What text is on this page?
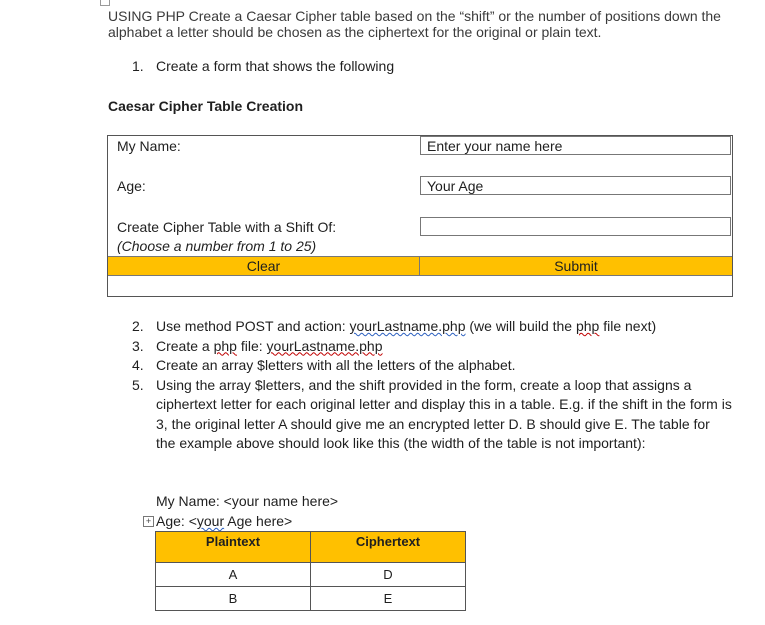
USING PHP Create a Caesar Cipher table based on the “shift” or the number of positions down the alphabet a letter should be chosen as the ciphertext for the original or plain text.
1. Create a form that shows the following
Caesar Cipher Table Creation
My Name:	Enter your name here
Age:	Your Age
Create Cipher Table with a Shift Of:
(Choose a number from 1 to 25)
Clear	Submit
2. Use method POST and action: yourLastname.php (we will build the php file next)
3. Create a php file: yourLastname.php
4. Create an array $letters with all the letters of the alphabet.
5. Using the array $letters, and the shift provided in the form, create a loop that assigns a ciphertext letter for each original letter and display this in a table. E.g. if the shift in the form is 3, the original letter A should give me an encrypted letter D. B should give E. The table for the example above should look like this (the width of the table is not important):
My Name: <your name here>
+ Age: <your Age here>
Plaintext	Ciphertext
A	D
B	E
